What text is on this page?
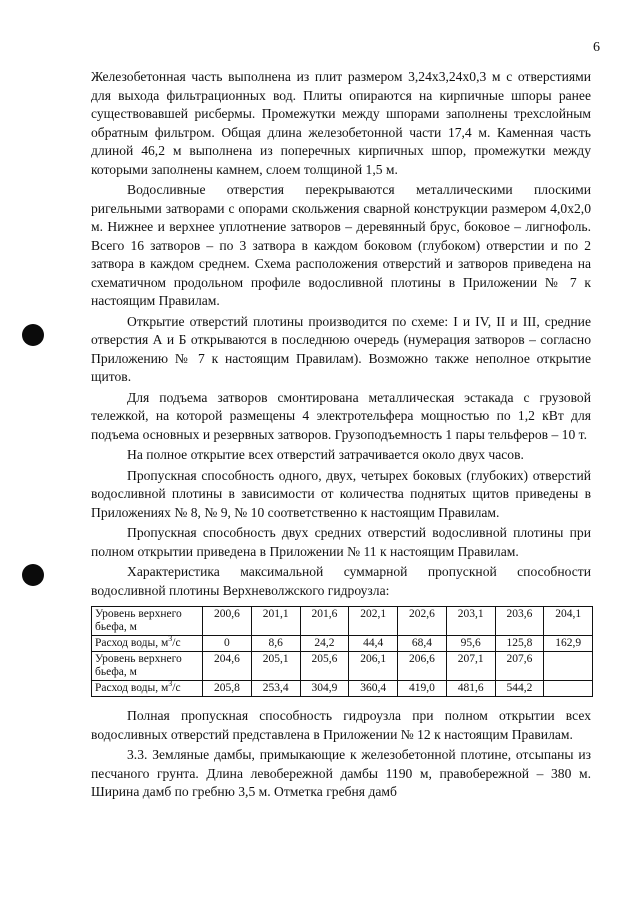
6

Железобетонная часть выполнена из плит размером 3,24х3,24х0,3 м с отверстиями для выхода фильтрационных вод. Плиты опираются на кирпичные шпоры ранее существовавшей рисбермы. Промежутки между шпорами заполнены трехслойным обратным фильтром. Общая длина железобетонной части 17,4 м. Каменная часть длиной 46,2 м выполнена из поперечных кирпичных шпор, промежутки между которыми заполнены камнем, слоем толщиной 1,5 м.

Водосливные отверстия перекрываются металлическими плоскими ригельными затворами с опорами скольжения сварной конструкции размером 4,0х2,0 м. Нижнее и верхнее уплотнение затворов – деревянный брус, боковое – лигнофоль. Всего 16 затворов – по 3 затвора в каждом боковом (глубоком) отверстии и по 2 затвора в каждом среднем. Схема расположения отверстий и затворов приведена на схематичном продольном профиле водосливной плотины в Приложении № 7 к настоящим Правилам.

Открытие отверстий плотины производится по схеме: I и IV, II и III, средние отверстия А и Б открываются в последнюю очередь (нумерация затворов – согласно Приложению № 7 к настоящим Правилам). Возможно также неполное открытие щитов.

Для подъема затворов смонтирована металлическая эстакада с грузовой тележкой, на которой размещены 4 электротельфера мощностью по 1,2 кВт для подъема основных и резервных затворов. Грузоподъемность 1 пары тельферов – 10 т.

На полное открытие всех отверстий затрачивается около двух часов.

Пропускная способность одного, двух, четырех боковых (глубоких) отверстий водосливной плотины в зависимости от количества поднятых щитов приведены в Приложениях № 8, № 9, № 10 соответственно к настоящим Правилам.

Пропускная способность двух средних отверстий водосливной плотины при полном открытии приведена в Приложении № 11 к настоящим Правилам.

Характеристика максимальной суммарной пропускной способности водосливной плотины Верхневолжского гидроузла:

Уровень верхнего бьефа, м	200,6	201,1	201,6	202,1	202,6	203,1	203,6	204,1
Расход воды, $м^3/с$	0	8,6	24,2	44,4	68,4	95,6	125,8	162,9
Уровень верхнего бьефа, м	204,6	205,1	205,6	206,1	206,6	207,1	207,6	
Расход воды, $м^3/с$	205,8	253,4	304,9	360,4	419,0	481,6	544,2	

Полная пропускная способность гидроузла при полном открытии всех водосливных отверстий представлена в Приложении № 12 к настоящим Правилам.

3.3. Земляные дамбы, примыкающие к железобетонной плотине, отсыпаны из песчаного грунта. Длина левобережной дамбы 1190 м, правобережной – 380 м. Ширина дамб по гребню 3,5 м. Отметка гребня дамб
